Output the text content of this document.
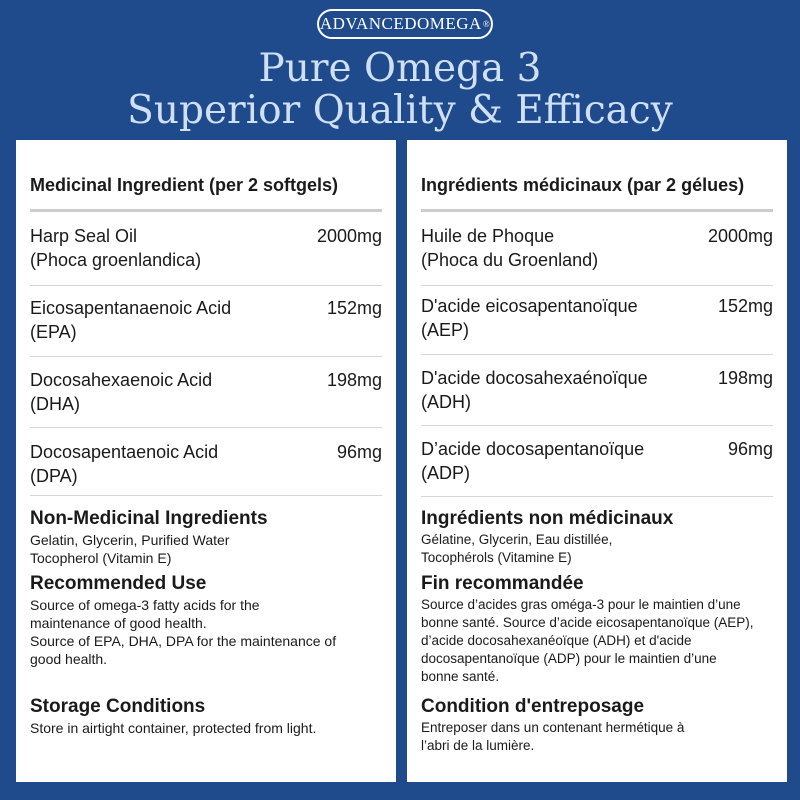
ADVANCEDOMEGA ®
Pure Omega 3
Superior Quality & Efficacy
Medicinal Ingredient (per 2 softgels)
Harp Seal Oil
(Phoca groenlandica)
2000mg
Eicosapentanaenoic Acid
(EPA)
152mg
Docosahexaenoic Acid
(DHA)
198mg
Docosapentaenoic Acid
(DPA)
96mg
Non-Medicinal Ingredients
Gelatin, Glycerin, Purified Water
Tocopherol (Vitamin E)
Recommended Use
Source of omega-3 fatty acids for the
maintenance of good health.
Source of EPA, DHA, DPA for the maintenance of
good health.
Storage Conditions
Store in airtight container, protected from light.
Ingrédients médicinaux (par 2 gélues)
Huile de Phoque
(Phoca du Groenland)
2000mg
D'acide eicosapentanoïque
(AEP)
152mg
D'acide docosahexaénoïque
(ADH)
198mg
D’acide docosapentanoïque
(ADP)
96mg
Ingrédients non médicinaux
Gélatine, Glycerin, Eau distillée,
Tocophérols (Vitamine E)
Fin recommandée
Source d’acides gras oméga-3 pour le maintien d’une
bonne santé. Source d’acide eicosapentanoïque (AEP),
d’acide docosahexanéoïque (ADH) et d'acide
docosapentanoïque (ADP) pour le maintien d’une
bonne santé.
Condition d'entreposage
Entreposer dans un contenant hermétique à
l’abri de la lumière.
